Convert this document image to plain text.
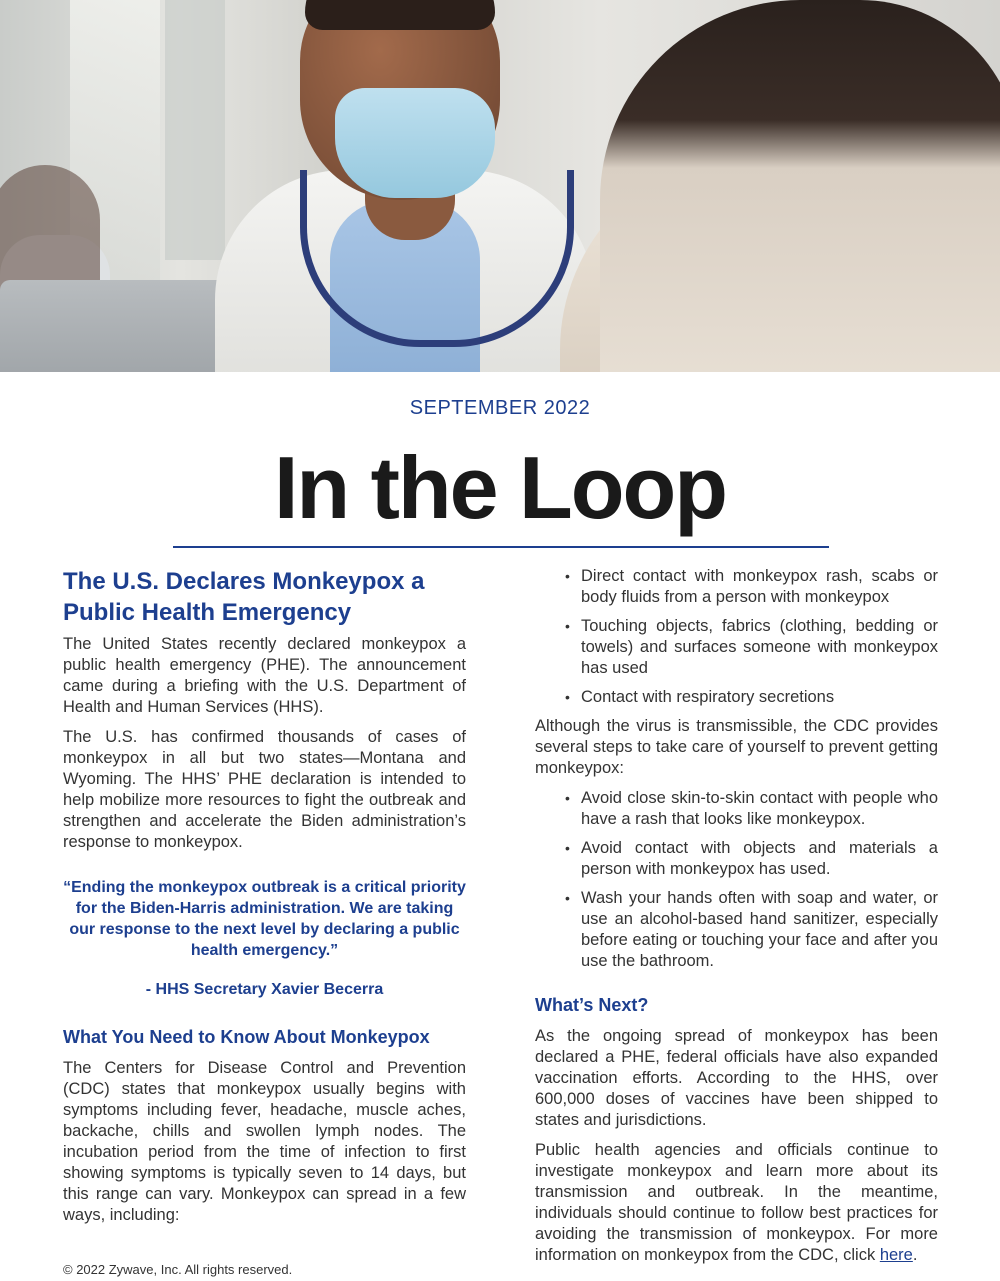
SEPTEMBER 2022
In the Loop
The U.S. Declares Monkeypox a Public Health Emergency

The United States recently declared monkeypox a public health emergency (PHE). The announcement came during a briefing with the U.S. Department of Health and Human Services (HHS).

The U.S. has confirmed thousands of cases of monkeypox in all but two states—Montana and Wyoming. The HHS’ PHE declaration is intended to help mobilize more resources to fight the outbreak and strengthen and accelerate the Biden administration’s response to monkeypox.

“Ending the monkeypox outbreak is a critical priority for the Biden-Harris administration. We are taking our response to the next level by declaring a public health emergency.”
- HHS Secretary Xavier Becerra
What You Need to Know About Monkeypox

The Centers for Disease Control and Prevention (CDC) states that monkeypox usually begins with symptoms including fever, headache, muscle aches, backache, chills and swollen lymph nodes. The incubation period from the time of infection to first showing symptoms is typically seven to 14 days, but this range can vary. Monkeypox can spread in a few ways, including:

• Direct contact with monkeypox rash, scabs or body fluids from a person with monkeypox
• Touching objects, fabrics (clothing, bedding or towels) and surfaces someone with monkeypox has used
• Contact with respiratory secretions

Although the virus is transmissible, the CDC provides several steps to take care of yourself to prevent getting monkeypox:

• Avoid close skin-to-skin contact with people who have a rash that looks like monkeypox.
• Avoid contact with objects and materials a person with monkeypox has used.
• Wash your hands often with soap and water, or use an alcohol-based hand sanitizer, especially before eating or touching your face and after you use the bathroom.
What’s Next?

As the ongoing spread of monkeypox has been declared a PHE, federal officials have also expanded vaccination efforts. According to the HHS, over 600,000 doses of vaccines have been shipped to states and jurisdictions.

Public health agencies and officials continue to investigate monkeypox and learn more about its transmission and outbreak. In the meantime, individuals should continue to follow best practices for avoiding the transmission of monkeypox. For more information on monkeypox from the CDC, click here.

© 2022 Zywave, Inc. All rights reserved.
